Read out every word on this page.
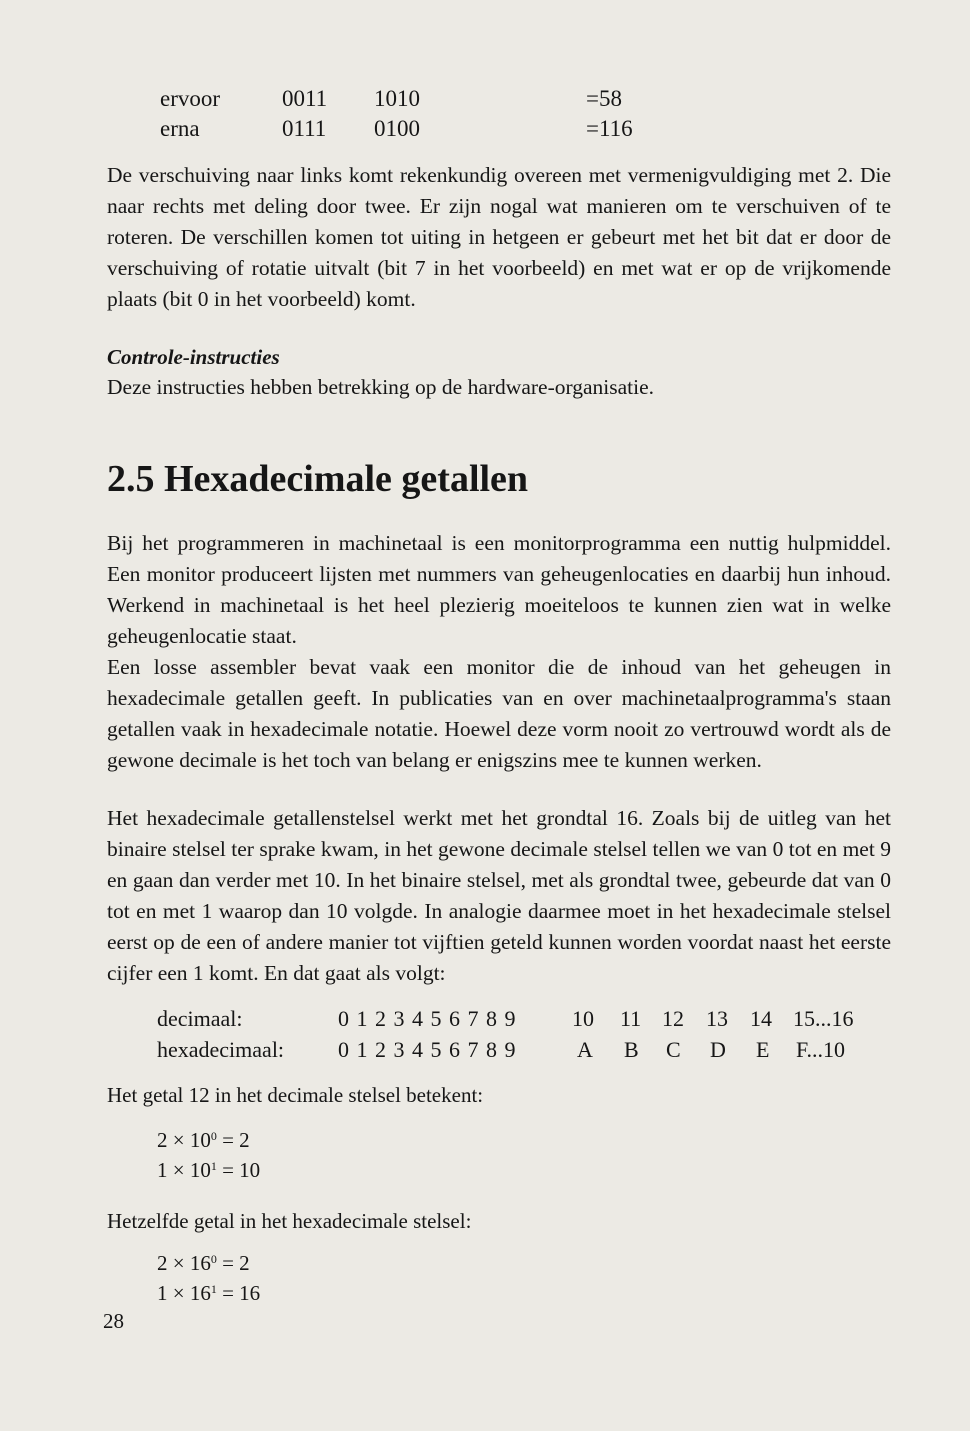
ervoor	0011 1010	=58
erna	0111 0100	=116

De verschuiving naar links komt rekenkundig overeen met vermenigvuldiging met 2. Die naar rechts met deling door twee. Er zijn nogal wat manieren om te verschuiven of te roteren. De verschillen komen tot uiting in hetgeen er gebeurt met het bit dat er door de verschuiving of rotatie uitvalt (bit 7 in het voorbeeld) en met wat er op de vrijkomende plaats (bit 0 in het voorbeeld) komt.

Controle-instructies

Deze instructies hebben betrekking op de hardware-organisatie.

2.5 Hexadecimale getallen

Bij het programmeren in machinetaal is een monitorprogramma een nuttig hulpmiddel. Een monitor produceert lijsten met nummers van geheugenlocaties en daarbij hun inhoud. Werkend in machinetaal is het heel plezierig moeiteloos te kunnen zien wat in welke geheugenlocatie staat.

Een losse assembler bevat vaak een monitor die de inhoud van het geheugen in hexadecimale getallen geeft. In publicaties van en over machinetaalprogramma's staan getallen vaak in hexadecimale notatie. Hoewel deze vorm nooit zo vertrouwd wordt als de gewone decimale is het toch van belang er enigszins mee te kunnen werken.

Het hexadecimale getallenstelsel werkt met het grondtal 16. Zoals bij de uitleg van het binaire stelsel ter sprake kwam, in het gewone decimale stelsel tellen we van 0 tot en met 9 en gaan dan verder met 10. In het binaire stelsel, met als grondtal twee, gebeurde dat van 0 tot en met 1 waarop dan 10 volgde. In analogie daarmee moet in het hexadecimale stelsel eerst op de een of andere manier tot vijftien geteld kunnen worden voordat naast het eerste cijfer een 1 komt. En dat gaat als volgt:

decimaal:	0 1 2 3 4 5 6 7 8 9	10 11 12 13 14 15...16
hexadecimaal: 0 1 2 3 4 5 6 7 8 9	A B C D E F...10

Het getal 12 in het decimale stelsel betekent:

$2 \times 10^0 = 2$
$1 \times 10^1 = 10$

Hetzelfde getal in het hexadecimale stelsel:

$2 \times 16^0 = 2$
$1 \times 16^1 = 16$
28
